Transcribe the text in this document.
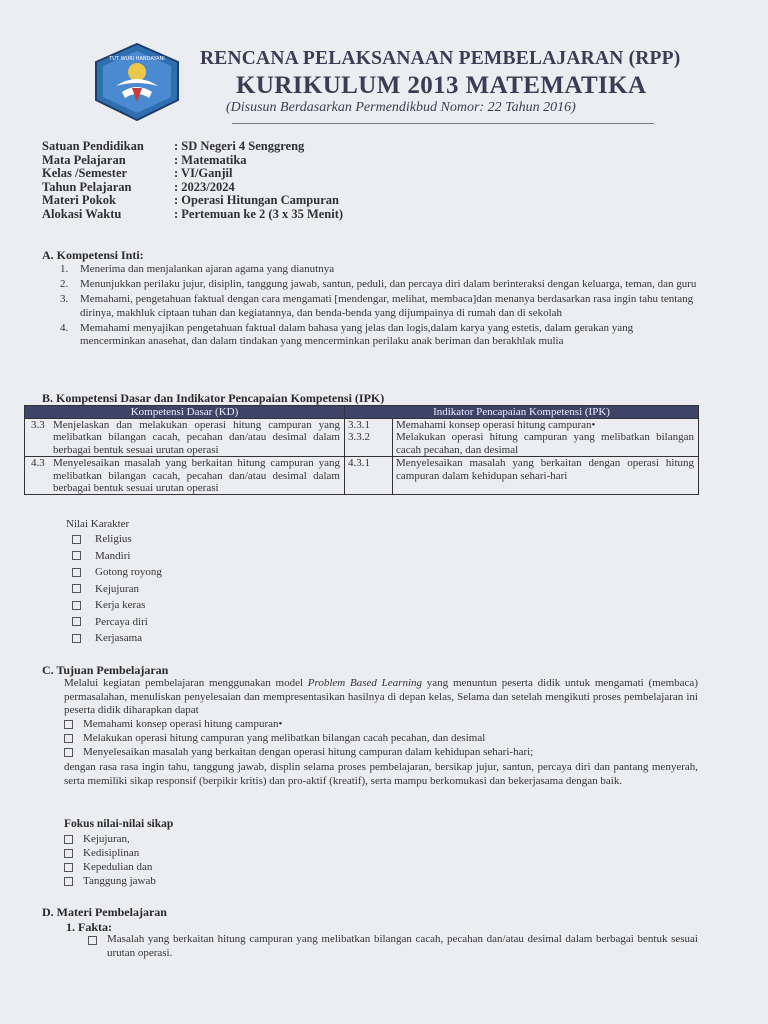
TUT WURI HANDAYANI RENCANA PELAKSANAAN PEMBELAJARAN (RPP)
KURIKULUM 2013 MATEMATIKA
(Disusun Berdasarkan Permendikbud Nomor: 22 Tahun 2016)
Satuan Pendidikan	: SD Negeri 4 Senggreng
Mata Pelajaran	: Matematika
Kelas /Semester	: VI/Ganjil
Tahun Pelajaran	: 2023/2024
Materi Pokok	: Operasi Hitungan Campuran
Alokasi Waktu	: Pertemuan ke 2 (3 x 35 Menit)
A. Kompetensi Inti:
1.	Menerima dan menjalankan ajaran agama yang dianutnya
2.	Menunjukkan perilaku jujur, disiplin, tanggung jawab, santun, peduli, dan percaya diri dalam berinteraksi dengan keluarga, teman, dan guru
3.	Memahami, pengetahuan faktual dengan cara mengamati [mendengar, melihat, membaca]dan menanya berdasarkan rasa ingin tahu tentang dirinya, makhluk ciptaan tuhan dan kegiatannya, dan benda-benda yang dijumpainya di rumah dan di sekolah
4.	Memahami menyajikan pengetahuan faktual dalam bahasa yang jelas dan logis,dalam karya yang estetis, dalam gerakan yang mencerminkan anasehat, dan dalam tindakan yang mencerminkan perilaku anak beriman dan berakhlak mulia
B. Kompetensi Dasar dan Indikator Pencapaian Kompetensi (IPK)
Kompetensi Dasar (KD)	Indikator Pencapaian Kompetensi (IPK)	

3.3 Menjelaskan dan melakukan operasi hitung campuran yang melibatkan bilangan cacah, pecahan dan/atau desimal dalam berbagai bentuk sesuai urutan operasi	3.3.1	Memahami konsep operasi hitung campuran•
	3.3.2	Melakukan operasi hitung campuran yang melibatkan bilangan cacah pecahan, dan desimal

4.3 Menyelesaikan masalah yang berkaitan hitung campuran yang melibatkan bilangan cacah, pecahan dan/atau desimal dalam berbagai bentuk sesuai urutan operasi	4.3.1	Menyelesaikan masalah yang berkaitan dengan operasi hitung campuran dalam kehidupan sehari-hari
Nilai Karakter
Religius
Mandiri
Gotong royong
Kejujuran
Kerja keras
Percaya diri
Kerjasama
C. Tujuan Pembelajaran
Melalui kegiatan pembelajaran menggunakan model Problem Based Learning yang menuntun peserta didik untuk mengamati (membaca) permasalahan, menuliskan penyelesaian dan mempresentasikan hasilnya di depan kelas, Selama dan setelah mengikuti proses pembelajaran ini peserta didik diharapkan dapat
Memahami konsep operasi hitung campuran•
Melakukan operasi hitung campuran yang melibatkan bilangan cacah pecahan, dan desimal
Menyelesaikan masalah yang berkaitan dengan operasi hitung campuran dalam kehidupan sehari-hari;
dengan rasa rasa ingin tahu, tanggung jawab, displin selama proses pembelajaran, bersikap jujur, santun, percaya diri dan pantang menyerah, serta memiliki sikap responsif (berpikir kritis) dan pro-aktif (kreatif), serta mampu berkomukasi dan bekerjasama dengan baik.
Fokus nilai-nilai sikap
Kejujuran,
Kedisiplinan
Kepedulian dan
Tanggung jawab
D. Materi Pembelajaran
1. Fakta:
Masalah yang berkaitan hitung campuran yang melibatkan bilangan cacah, pecahan dan/atau desimal dalam berbagai bentuk sesuai urutan operasi.
